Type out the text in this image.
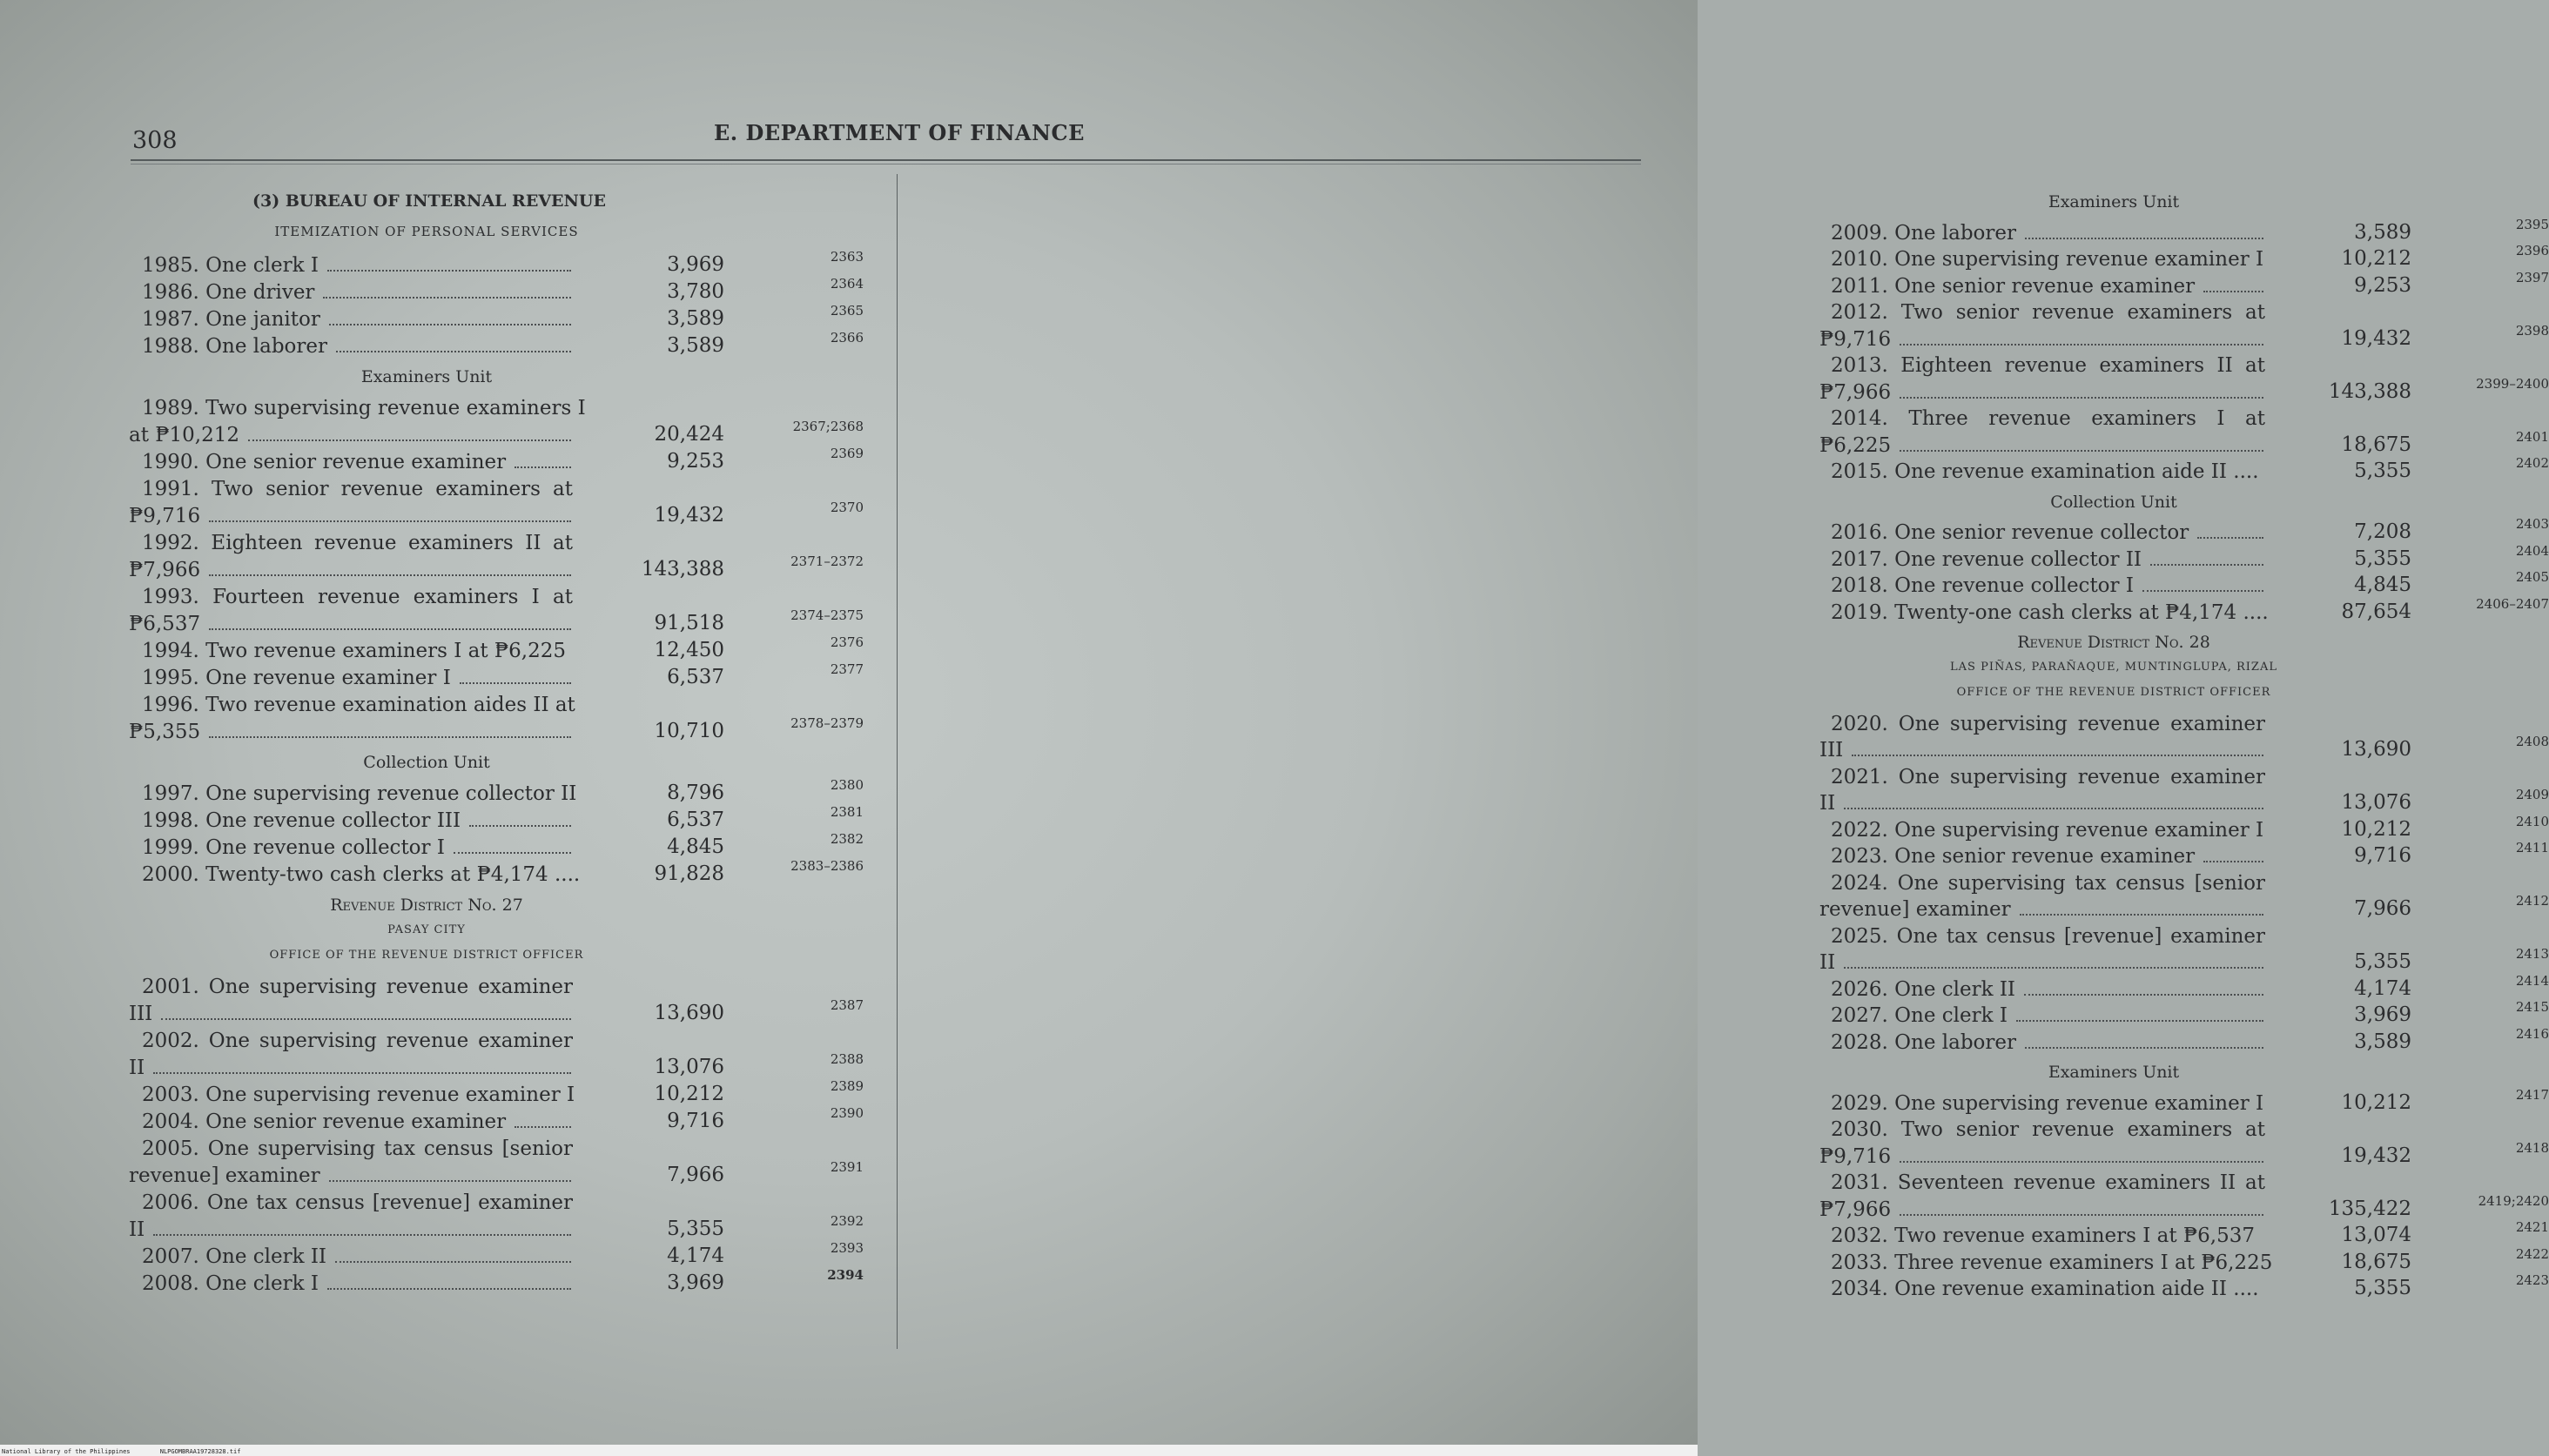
308	E. DEPARTMENT OF FINANCE
(3) BUREAU OF INTERNAL REVENUE
ITEMIZATION OF PERSONAL SERVICES
1985. One clerk I	3,969	2363
1986. One driver	3,780	2364
1987. One janitor	3,589	2365
1988. One laborer	3,589	2366
Examiners Unit
1989. Two supervising revenue examiners I
at ₱10,212	20,424	2367;2368
1990. One senior revenue examiner	9,253	2369
1991. Two senior revenue examiners at
₱9,716	19,432	2370
1992. Eighteen revenue examiners II at
₱7,966	143,388	2371–2372
1993. Fourteen revenue examiners I at
₱6,537	91,518	2374–2375
1994. Two revenue examiners I at ₱6,225	12,450	2376
1995. One revenue examiner I	6,537	2377
1996. Two revenue examination aides II at
₱5,355	10,710	2378–2379
Collection Unit
1997. One supervising revenue collector II	8,796	2380
1998. One revenue collector III	6,537	2381
1999. One revenue collector I	4,845	2382
2000. Twenty-two cash clerks at ₱4,174 ....	91,828	2383–2386
Revenue District No. 27
PASAY CITY
OFFICE OF THE REVENUE DISTRICT OFFICER
2001. One supervising revenue examiner
III	13,690	2387
2002. One supervising revenue examiner
II	13,076	2388
2003. One supervising revenue examiner I	10,212	2389
2004. One senior revenue examiner	9,716	2390
2005. One supervising tax census [senior
revenue] examiner	7,966	2391
2006. One tax census [revenue] examiner
II	5,355	2392
2007. One clerk II	4,174	2393
2008. One clerk I	3,969	2394
Examiners Unit
2009. One laborer	3,589	2395
2010. One supervising revenue examiner I	10,212	2396
2011. One senior revenue examiner	9,253	2397
2012. Two senior revenue examiners at
₱9,716	19,432	2398
2013. Eighteen revenue examiners II at
₱7,966	143,388	2399–2400
2014. Three revenue examiners I at
₱6,225	18,675	2401
2015. One revenue examination aide II ....	5,355	2402
Collection Unit
2016. One senior revenue collector	7,208	2403
2017. One revenue collector II	5,355	2404
2018. One revenue collector I	4,845	2405
2019. Twenty-one cash clerks at ₱4,174 ....	87,654	2406–2407
Revenue District No. 28
LAS PIÑAS, PARAÑAQUE, MUNTINGLUPA, RIZAL
OFFICE OF THE REVENUE DISTRICT OFFICER
2020. One supervising revenue examiner
III	13,690	2408
2021. One supervising revenue examiner
II	13,076	2409
2022. One supervising revenue examiner I	10,212	2410
2023. One senior revenue examiner	9,716	2411
2024. One supervising tax census [senior
revenue] examiner	7,966	2412
2025. One tax census [revenue] examiner
II	5,355	2413
2026. One clerk II	4,174	2414
2027. One clerk I	3,969	2415
2028. One laborer	3,589	2416
Examiners Unit
2029. One supervising revenue examiner I	10,212	2417
2030. Two senior revenue examiners at
₱9,716	19,432	2418
2031. Seventeen revenue examiners II at
₱7,966	135,422	2419;2420
2032. Two revenue examiners I at ₱6,537	13,074	2421
2033. Three revenue examiners I at ₱6,225	18,675	2422
2034. One revenue examination aide II ....	5,355	2423
National Library of the Philippines	NLPGOMBRAA19728328.tif
